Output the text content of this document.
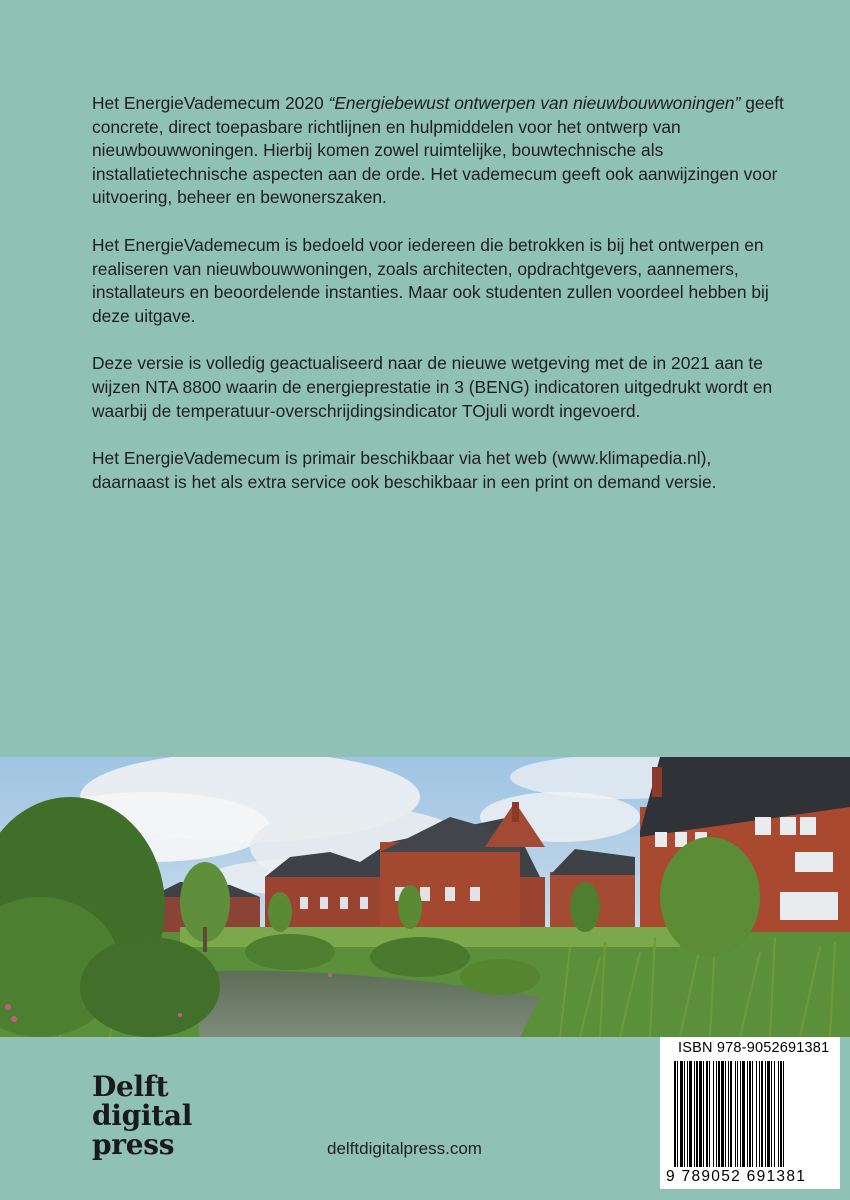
Het EnergieVademecum 2020 “Energiebewust ontwerpen van nieuwbouwwoningen” geeft concrete, direct toepasbare richtlijnen en hulpmiddelen voor het ontwerp van nieuwbouwwoningen. Hierbij komen zowel ruimtelijke, bouwtechnische als installatietechnische aspecten aan de orde. Het vademecum geeft ook aanwijzingen voor uitvoering, beheer en bewonerszaken.

Het EnergieVademecum is bedoeld voor iedereen die betrokken is bij het ontwerpen en realiseren van nieuwbouwwoningen, zoals architecten, opdrachtgevers, aannemers, installateurs en beoordelende instanties. Maar ook studenten zullen voordeel hebben bij deze uitgave.

Deze versie is volledig geactualiseerd naar de nieuwe wetgeving met de in 2021 aan te wijzen NTA 8800 waarin de energieprestatie in 3 (BENG) indicatoren uitgedrukt wordt en waarbij de temperatuur-overschrijdingsindicator TOjuli wordt ingevoerd.

Het EnergieVademecum is primair beschikbaar via het web (www.klimapedia.nl), daarnaast is het als extra service ook beschikbaar in een print on demand versie.

Delft
digital
press	delftdigitalpress.com
ISBN 978-9052691381
9 789052 691381
